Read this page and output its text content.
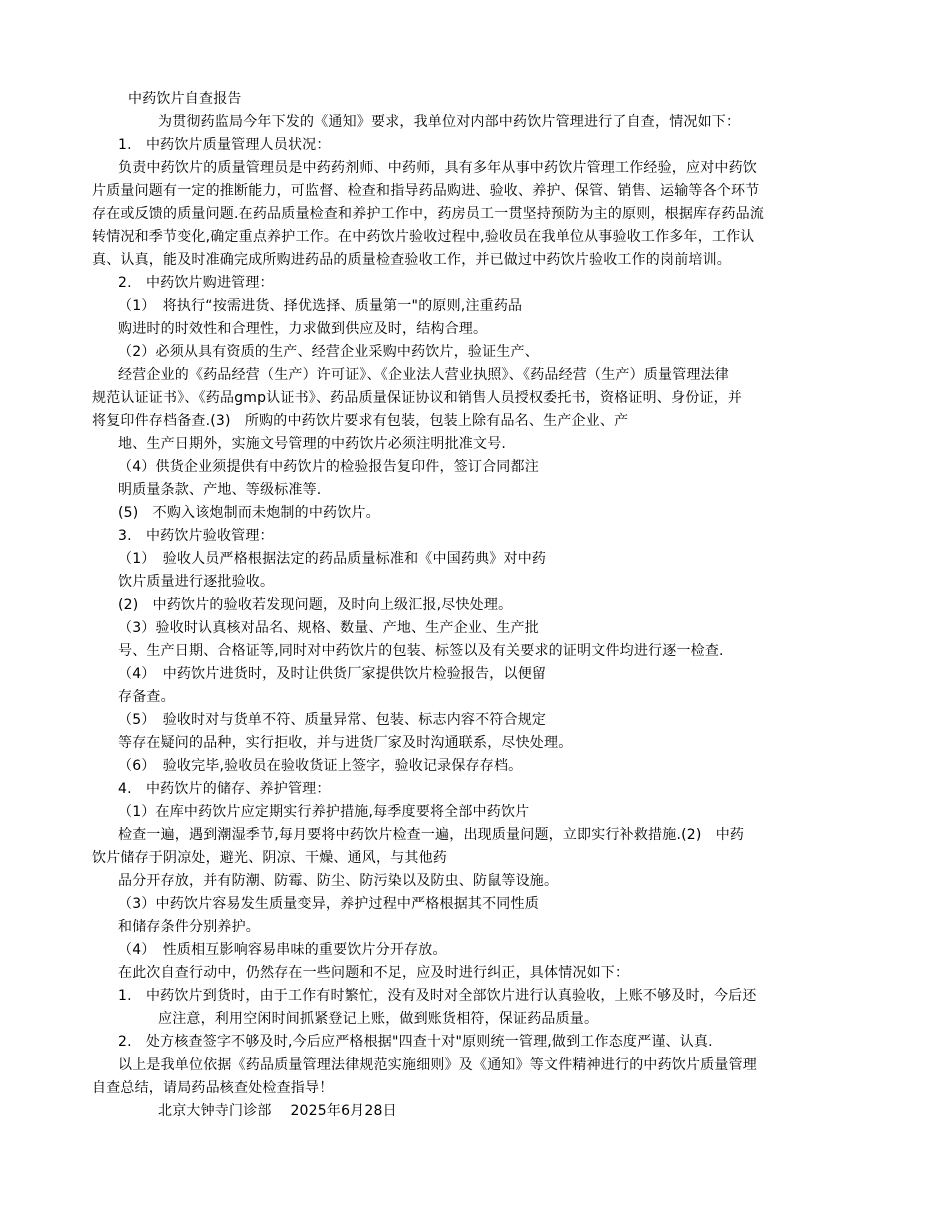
中药饮片自查报告
为贯彻药监局今年下发的《通知》要求，我单位对内部中药饮片管理进行了自查，情况如下：
1.　中药饮片质量管理人员状况：
负责中药饮片的质量管理员是中药药剂师、中药师，具有多年从事中药饮片管理工作经验，应对中药饮
片质量问题有一定的推断能力，可监督、检查和指导药品购进、验收、养护、保管、销售、运输等各个环节
存在或反馈的质量问题.在药品质量检查和养护工作中，药房员工一贯坚持预防为主的原则，根据库存药品流
转情况和季节变化,确定重点养护工作。在中药饮片验收过程中,验收员在我单位从事验收工作多年，工作认
真、认真，能及时准确完成所购进药品的质量检查验收工作，并已做过中药饮片验收工作的岗前培训。
2.　中药饮片购进管理：
（1）　将执行“按需进货、择优选择、质量第一"的原则,注重药品
购进时的时效性和合理性，力求做到供应及时，结构合理。
（2）必须从具有资质的生产、经营企业采购中药饮片，验证生产、
经营企业的《药品经营（生产）许可证》、《企业法人营业执照》、《药品经营（生产）质量管理法律
规范认证证书》、《药品gmp认证书》、药品质量保证协议和销售人员授权委托书，资格证明、身份证，并
将复印件存档备查.(3)　所购的中药饮片要求有包装，包装上除有品名、生产企业、产
地、生产日期外，实施文号管理的中药饮片必须注明批准文号.
（4）供货企业须提供有中药饮片的检验报告复印件，签订合同都注
明质量条款、产地、等级标准等.
(5)　不购入该炮制而未炮制的中药饮片。
3.　中药饮片验收管理：
（1）　验收人员严格根据法定的药品质量标准和《中国药典》对中药
饮片质量进行逐批验收。
(2)　中药饮片的验收若发现问题，及时向上级汇报,尽快处理。
（3）验收时认真核对品名、规格、数量、产地、生产企业、生产批
号、生产日期、合格证等,同时对中药饮片的包装、标签以及有关要求的证明文件均进行逐一检查.
（4）　中药饮片进货时，及时让供货厂家提供饮片检验报告，以便留
存备查。
（5）　验收时对与货单不符、质量异常、包装、标志内容不符合规定
等存在疑问的品种，实行拒收，并与进货厂家及时沟通联系，尽快处理。
（6）　验收完毕,验收员在验收货证上签字，验收记录保存存档。
4.　中药饮片的储存、养护管理：
（1）在库中药饮片应定期实行养护措施,每季度要将全部中药饮片
检查一遍，遇到潮湿季节,每月要将中药饮片检查一遍，出现质量问题，立即实行补救措施.(2)　中药
饮片储存于阴凉处，避光、阴凉、干燥、通风，与其他药
品分开存放，并有防潮、防霉、防尘、防污染以及防虫、防鼠等设施。
（3）中药饮片容易发生质量变异，养护过程中严格根据其不同性质
和储存条件分别养护。
（4）　性质相互影响容易串味的重要饮片分开存放。
在此次自查行动中，仍然存在一些问题和不足，应及时进行纠正，具体情况如下：
1.　中药饮片到货时，由于工作有时繁忙，没有及时对全部饮片进行认真验收，上账不够及时，今后还
应注意，利用空闲时间抓紧登记上账，做到账货相符，保证药品质量。
2.　处方核查签字不够及时,今后应严格根据"四查十对"原则统一管理,做到工作态度严谨、认真.
以上是我单位依据《药品质量管理法律规范实施细则》及《通知》等文件精神进行的中药饮片质量管理
自查总结，请局药品核查处检查指导！
北京大钟寺门诊部　 2025年6月28日
